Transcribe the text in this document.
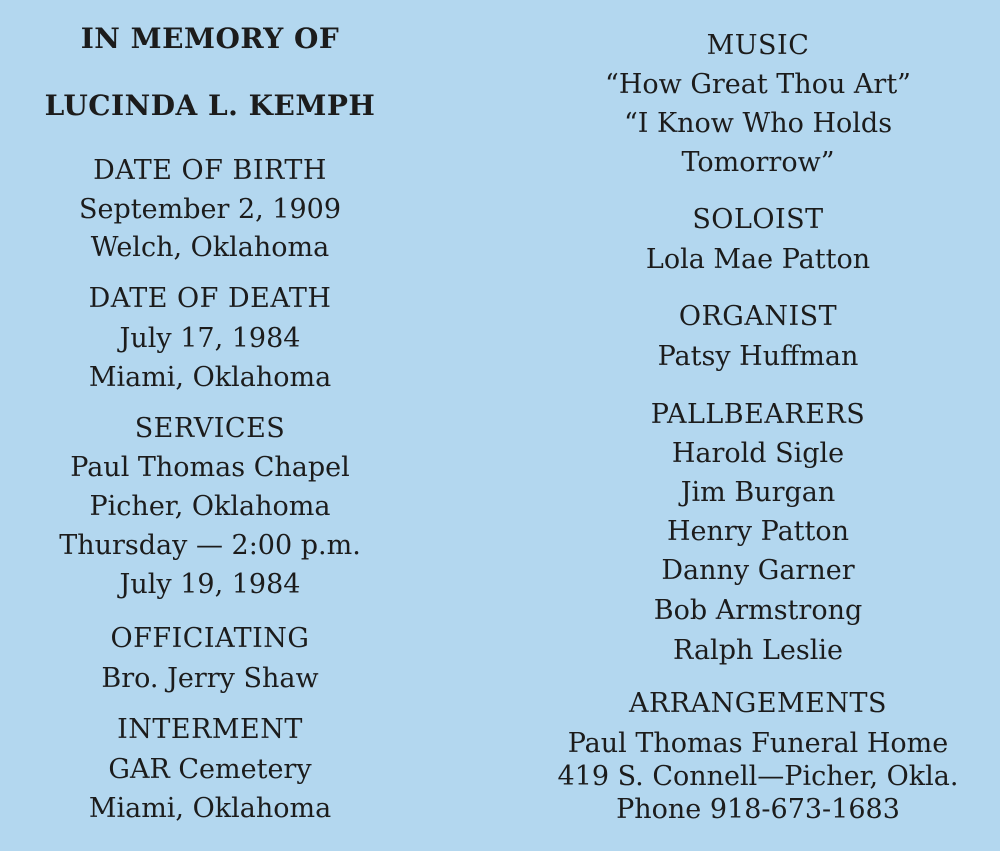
IN MEMORY OF
LUCINDA L. KEMPH
DATE OF BIRTH
September 2, 1909
Welch, Oklahoma
DATE OF DEATH
July 17, 1984
Miami, Oklahoma
SERVICES
Paul Thomas Chapel
Picher, Oklahoma
Thursday — 2:00 p.m.
July 19, 1984
OFFICIATING
Bro. Jerry Shaw
INTERMENT
GAR Cemetery
Miami, Oklahoma
MUSIC
“How Great Thou Art”
“I Know Who Holds
Tomorrow”
SOLOIST
Lola Mae Patton
ORGANIST
Patsy Huffman
PALLBEARERS
Harold Sigle
Jim Burgan
Henry Patton
Danny Garner
Bob Armstrong
Ralph Leslie
ARRANGEMENTS
Paul Thomas Funeral Home
419 S. Connell—Picher, Okla.
Phone 918-673-1683
